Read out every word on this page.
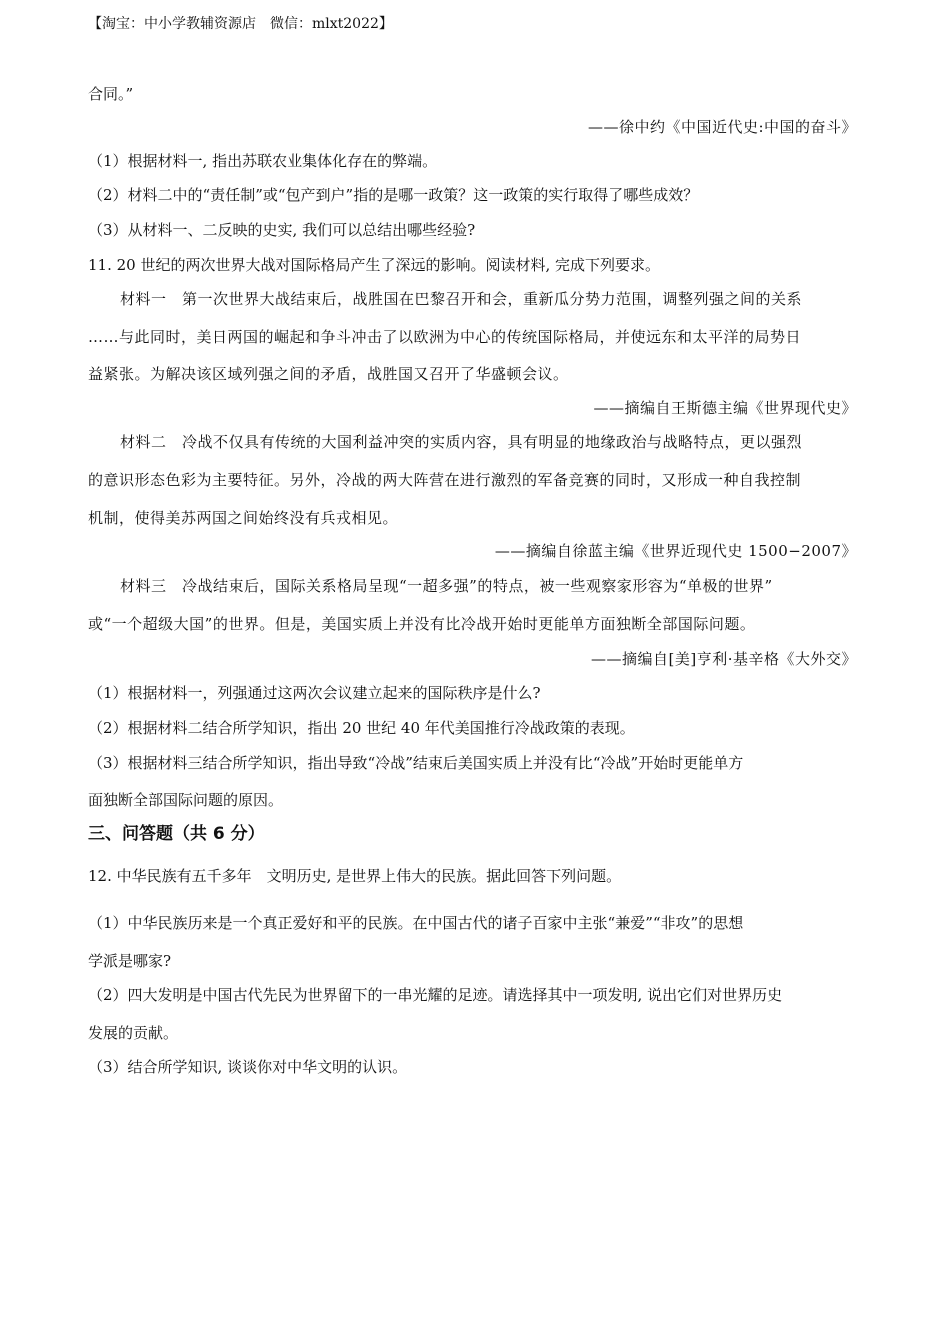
【淘宝：中小学教辅资源店　微信：mlxt2022】
合同。”
——徐中约《中国近代史:中国的奋斗》
（1）根据材料一, 指出苏联农业集体化存在的弊端。
（2）材料二中的“责任制”或“包产到户”指的是哪一政策？这一政策的实行取得了哪些成效？
（3）从材料一、二反映的史实, 我们可以总结出哪些经验?
11. 20 世纪的两次世界大战对国际格局产生了深远的影响。阅读材料, 完成下列要求。
材料一　第一次世界大战结束后，战胜国在巴黎召开和会，重新瓜分势力范围，调整列强之间的关系
……与此同时，美日两国的崛起和争斗冲击了以欧洲为中心的传统国际格局，并使远东和太平洋的局势日
益紧张。为解决该区域列强之间的矛盾，战胜国又召开了华盛顿会议。
——摘编自王斯德主编《世界现代史》
材料二　冷战不仅具有传统的大国利益冲突的实质内容，具有明显的地缘政治与战略特点，更以强烈
的意识形态色彩为主要特征。另外，冷战的两大阵营在进行激烈的军备竞赛的同时，又形成一种自我控制
机制，使得美苏两国之间始终没有兵戎相见。
——摘编自徐蓝主编《世界近现代史 1500−2007》
材料三　冷战结束后，国际关系格局呈现“一超多强”的特点，被一些观察家形容为“单极的世界”
或“一个超级大国”的世界。但是，美国实质上并没有比冷战开始时更能单方面独断全部国际问题。
——摘编自[美]亨利·基辛格《大外交》
（1）根据材料一，列强通过这两次会议建立起来的国际秩序是什么?
（2）根据材料二结合所学知识，指出 20 世纪 40 年代美国推行冷战政策的表现。
（3）根据材料三结合所学知识，指出导致“冷战”结束后美国实质上并没有比“冷战”开始时更能单方
面独断全部国际问题的原因。
三、问答题（共 6 分）
12. 中华民族有五千多年　文明历史, 是世界上伟大的民族。据此回答下列问题。
（1）中华民族历来是一个真正爱好和平的民族。在中国古代的诸子百家中主张“兼爱”“非攻”的思想
学派是哪家?
（2）四大发明是中国古代先民为世界留下的一串光耀的足迹。请选择其中一项发明, 说出它们对世界历史
发展的贡献。
（3）结合所学知识, 谈谈你对中华文明的认识。
